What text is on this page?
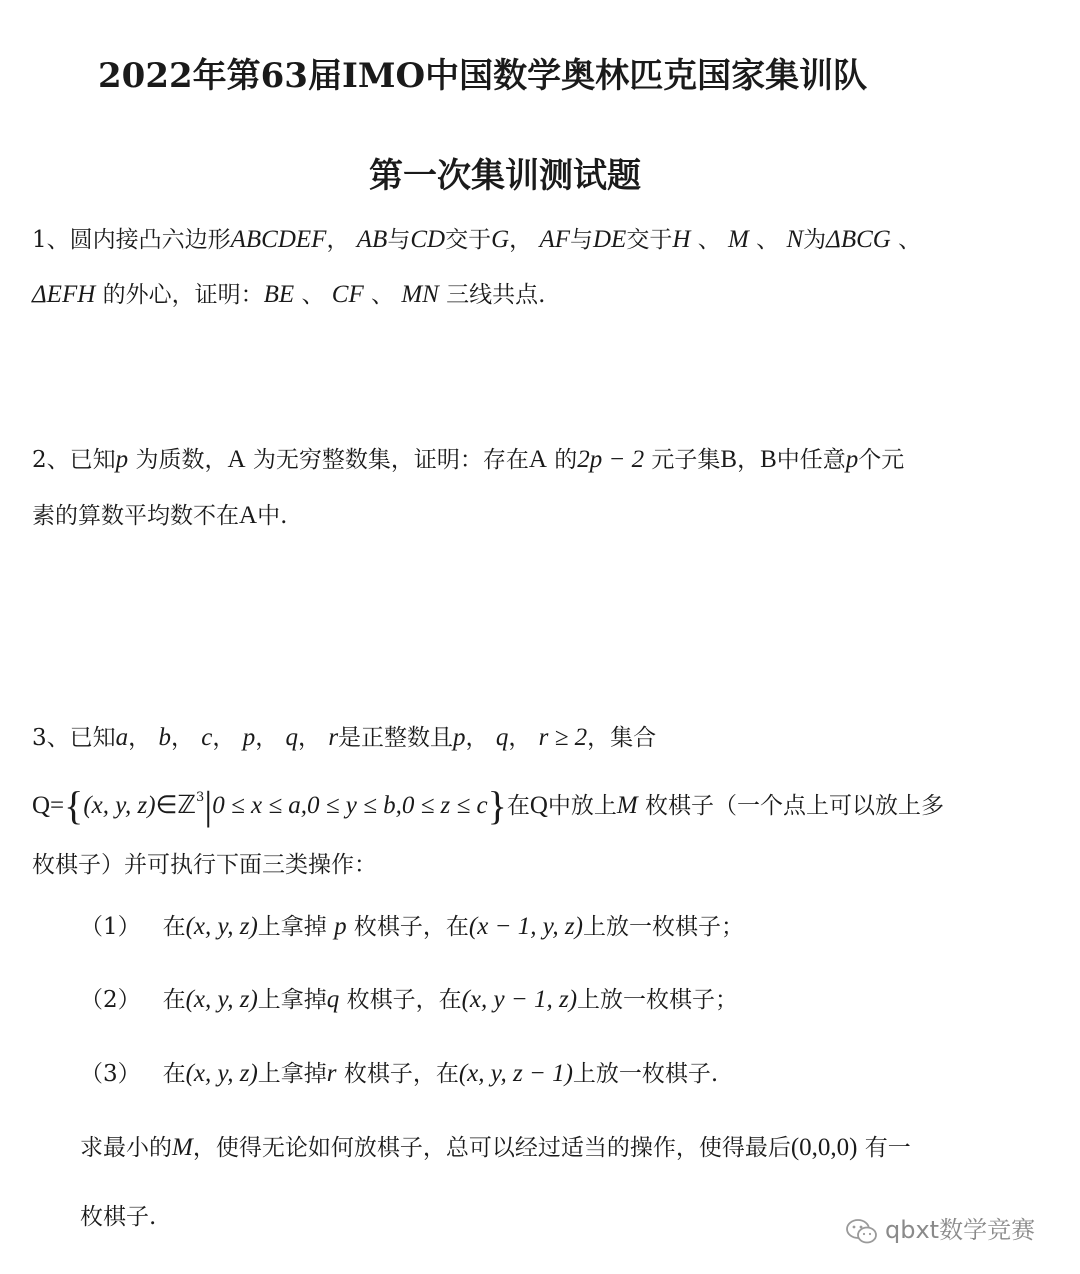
2022年第63届IMO中国数学奥林匹克国家集训队
第一次集训测试题
1、圆内接凸六边形ABCDEF， AB与CD交于G， AF与DE交于H 、 M 、 N为ΔBCG 、
ΔEFH 的外心，证明：BE 、 CF 、 MN 三线共点.
2、已知p 为质数，A 为无穷整数集，证明：存在A 的2p − 2 元子集B，B中任意p个元
素的算数平均数不在A中.
3、已知a， b， c， p， q， r是正整数且p， q， r ≥ 2，集合
Q={(x, y, z)∈ℤ$^3$|0 ≤ x ≤ a,0 ≤ y ≤ b,0 ≤ z ≤ c}在Q中放上M 枚棋子（一个点上可以放上多
枚棋子）并可执行下面三类操作：
（1） 在(x, y, z)上拿掉 p 枚棋子，在(x − 1, y, z)上放一枚棋子；
（2） 在(x, y, z)上拿掉q 枚棋子，在(x, y − 1, z)上放一枚棋子；
（3） 在(x, y, z)上拿掉r 枚棋子，在(x, y, z − 1)上放一枚棋子.
求最小的M，使得无论如何放棋子，总可以经过适当的操作，使得最后(0,0,0) 有一
枚棋子.	qbxt数学竞赛
